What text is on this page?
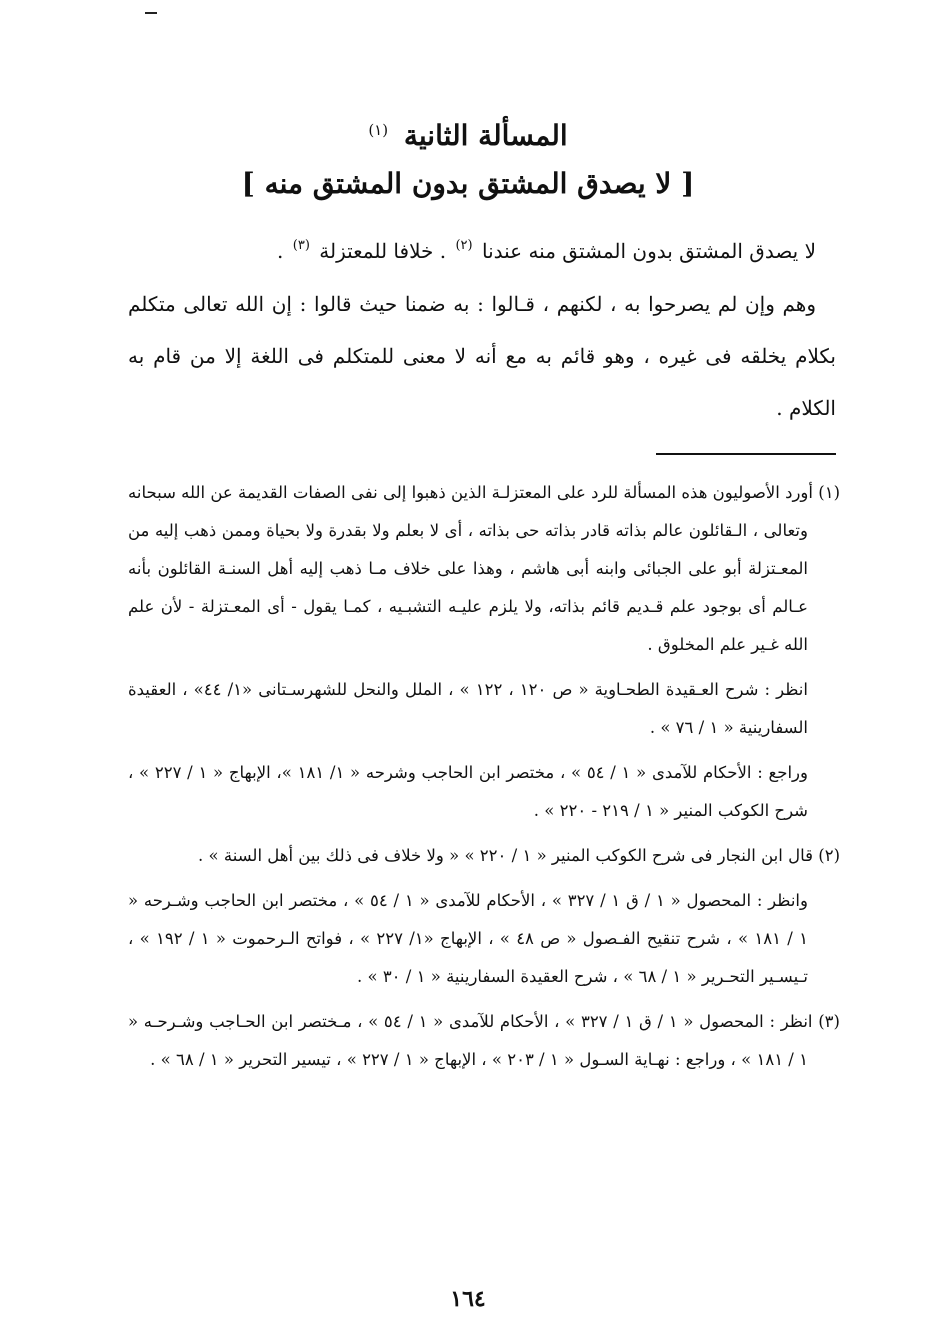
المسألة الثانية $^{(١)}$
[ لا يصدق المشتق بدون المشتق منه ]
لا يصدق المشتق بدون المشتق منه عندنا $^{(٢)}$ . خلافا للمعتزلة $^{(٣)}$ .
وهم وإن لم يصرحوا به ، لكنهم ، قـالوا : به ضمنا حيث قالوا : إن الله تعالى متكلم بكلام يخلقه فى غيره ، وهو قائم به مع أنه لا معنى للمتكلم فى اللغة إلا من قام به الكلام .
(١) أورد الأصوليون هذه المسألة للرد على المعتزلـة الذين ذهبوا إلى نفى الصفات القديمة عن الله سبحانه وتعالى ، الـقائلون عالم بذاته قادر بذاته حى بذاته ، أى لا بعلم ولا بقدرة ولا بحياة وممن ذهب إليه من المعـتزلة أبو على الجبائى وابنه أبى هاشم ، وهذا على خلاف مـا ذهب إليه أهل السنـة القائلون بأنه عـالم أى بوجود علم قـديم قائم بذاته، ولا يلزم عليـه التشبـيه ، كمـا يقول - أى المعـتزلة - لأن علم الله غـير علم المخلوق .
انظر : شرح العـقيدة الطحـاوية « ص ١٢٠ ، ١٢٢ » ، الملل والنحل للشهرسـتانى «١/ ٤٤» ، العقيدة السفارينية « ١ / ٧٦ » .
وراجع : الأحكام للآمدى « ١ / ٥٤ » ، مختصر ابن الحاجب وشرحه « ١/ ١٨١ »، الإبهاج « ١ / ٢٢٧ » ، شرح الكوكب المنير « ١ / ٢١٩ - ٢٢٠ » .
(٢) قال ابن النجار فى شرح الكوكب المنير « ١ / ٢٢٠ » « ولا خلاف فى ذلك بين أهل السنة » .
وانظر : المحصول « ١ / ق ١ / ٣٢٧ » ، الأحكام للآمدى « ١ / ٥٤ » ، مختصر ابن الحاجب وشـرحه « ١ / ١٨١ » ، شرح تنقيح الفـصول « ص ٤٨ » ، الإبهاج «١/ ٢٢٧ » ، فواتح الـرحموت « ١ / ١٩٢ » ، تـيسـير التحـرير « ١ / ٦٨ » ، شرح العقيدة السفارينية « ١ / ٣٠ » .
(٣) انظر : المحصول « ١ / ق ١ / ٣٢٧ » ، الأحكام للآمدى « ١ / ٥٤ » ، مـختصر ابن الحـاجب وشـرحـه « ١ / ١٨١ » ، وراجع : نهـاية السـول « ١ / ٢٠٣ » ، الإبهاج « ١ / ٢٢٧ » ، تيسير التحرير « ١ / ٦٨ » .
١٦٤
